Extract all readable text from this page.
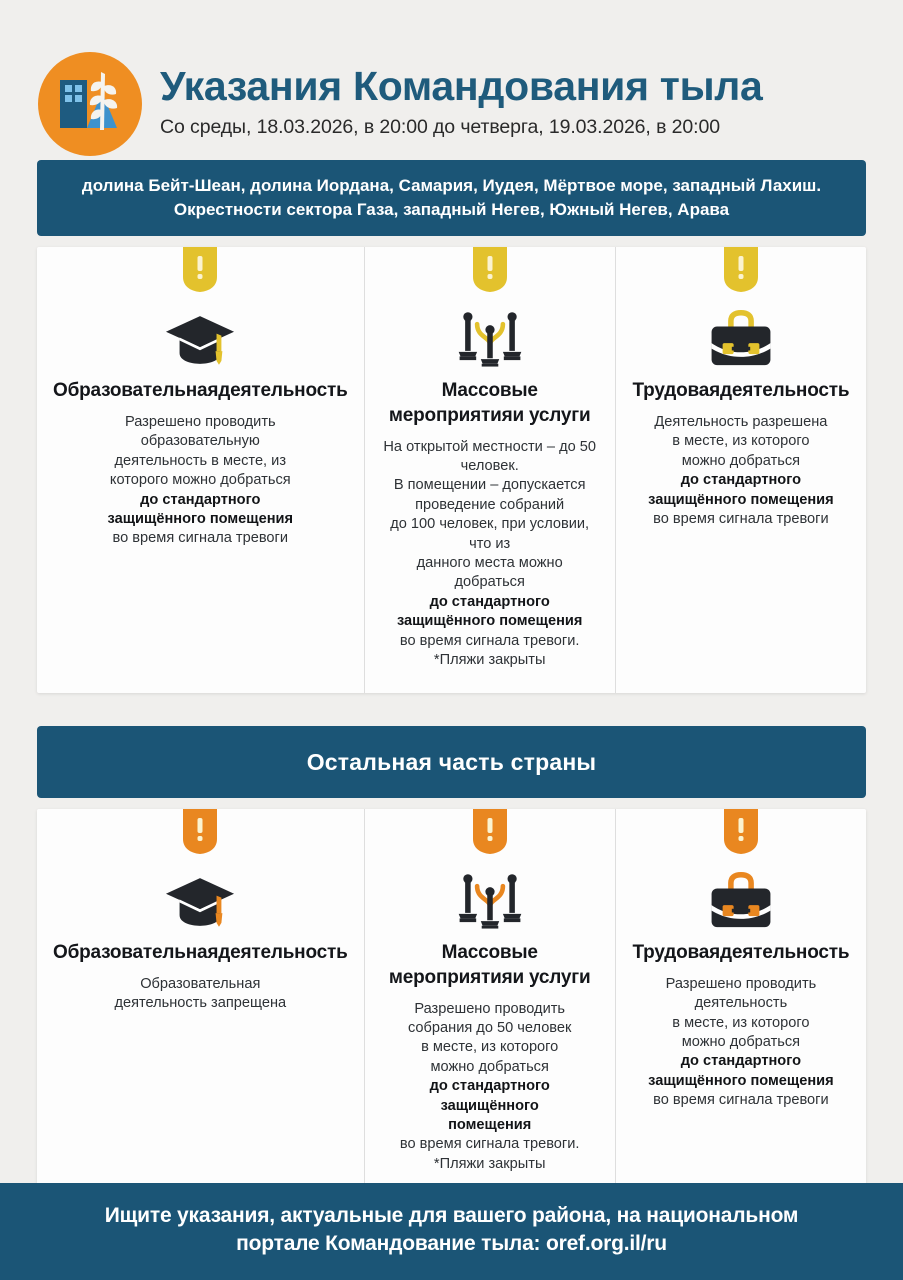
Указания Командования тыла
Со среды, 18.03.2026, в 20:00 до четверга, 19.03.2026, в 20:00
долина Бейт-Шеан, долина Иордана, Самария, Иудея, Мёртвое море, западный Лахиш.
Окрестности сектора Газа, западный Негев, Южный Негев, Арава
Образовательнаядеятельность
Разрешено проводить
образовательную
деятельность в месте, из
которого можно добраться
до стандартного
защищённого помещения
во время сигнала тревоги
Массовые мероприятияи услуги
На открытой местности – до 50
человек.
В помещении – допускается
проведение собраний
до 100 человек, при условии, что из
данного места можно добраться
до стандартного
защищённого помещения
во время сигнала тревоги.
*Пляжи закрыты
Трудоваядеятельность
Деятельность разрешена
в месте, из которого
можно добраться
до стандартного
защищённого помещения
во время сигнала тревоги
Остальная часть страны
Образовательнаядеятельность
Образовательная
деятельность запрещена
Массовые мероприятияи услуги
Разрешено проводить
собрания до 50 человек
в месте, из которого
можно добраться
до стандартного защищённого
помещения
во время сигнала тревоги.
*Пляжи закрыты
Трудоваядеятельность
Разрешено проводить
деятельность
в месте, из которого
можно добраться
до стандартного
защищённого помещения
во время сигнала тревоги
Ищите указания, актуальные для вашего района, на национальном
портале Командование тыла: oref.org.il/ru
